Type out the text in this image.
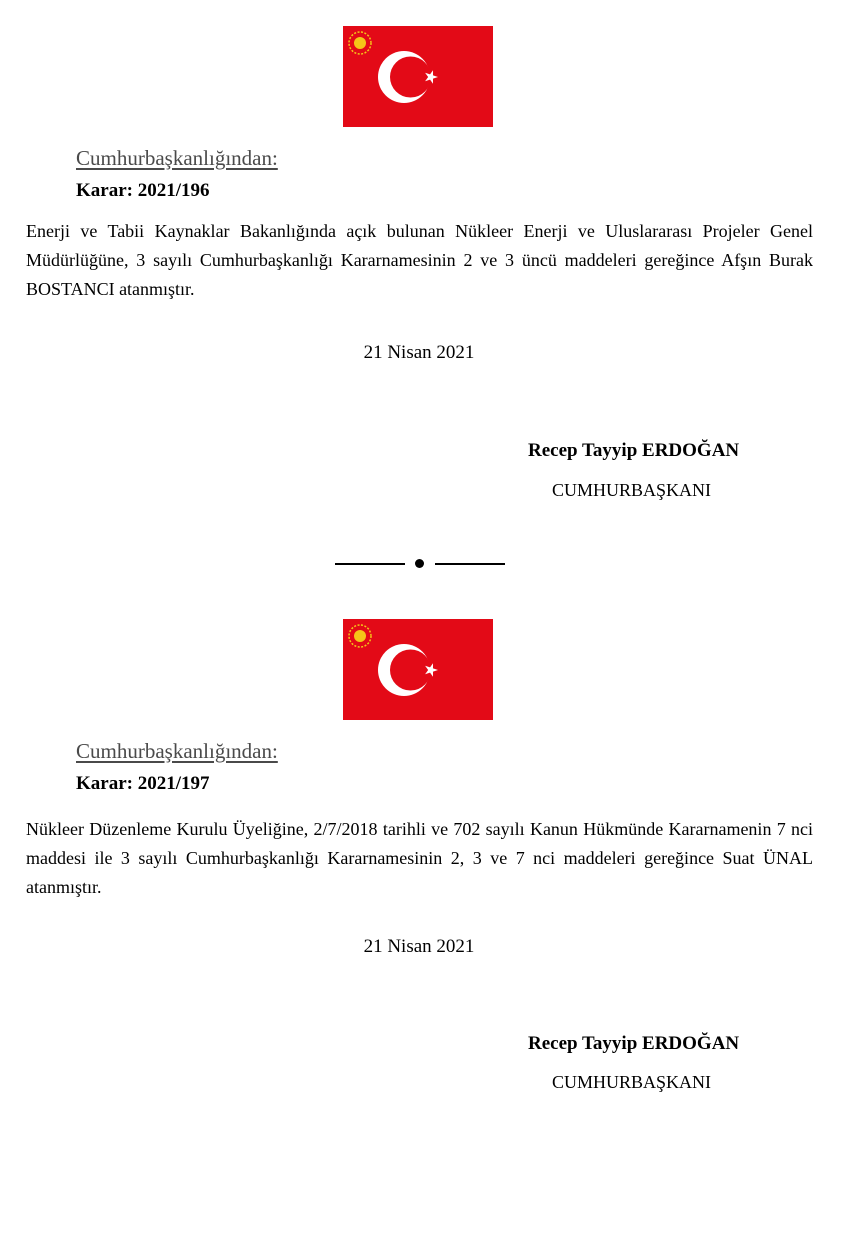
Cumhurbaşkanlığından:
Karar: 2021/196

Enerji ve Tabii Kaynaklar Bakanlığında açık bulunan Nükleer Enerji ve Uluslararası Projeler Genel Müdürlüğüne, 3 sayılı Cumhurbaşkanlığı Kararnamesinin 2 ve 3 üncü maddeleri gereğince Afşın Burak BOSTANCI atanmıştır.

21 Nisan 2021
Recep Tayyip ERDOĞAN
CUMHURBAŞKANI
Cumhurbaşkanlığından:
Karar: 2021/197

Nükleer Düzenleme Kurulu Üyeliğine, 2/7/2018 tarihli ve 702 sayılı Kanun Hükmünde Kararnamenin 7 nci maddesi ile 3 sayılı Cumhurbaşkanlığı Kararnamesinin 2, 3 ve 7 nci maddeleri gereğince Suat ÜNAL atanmıştır.

21 Nisan 2021
Recep Tayyip ERDOĞAN
CUMHURBAŞKANI
